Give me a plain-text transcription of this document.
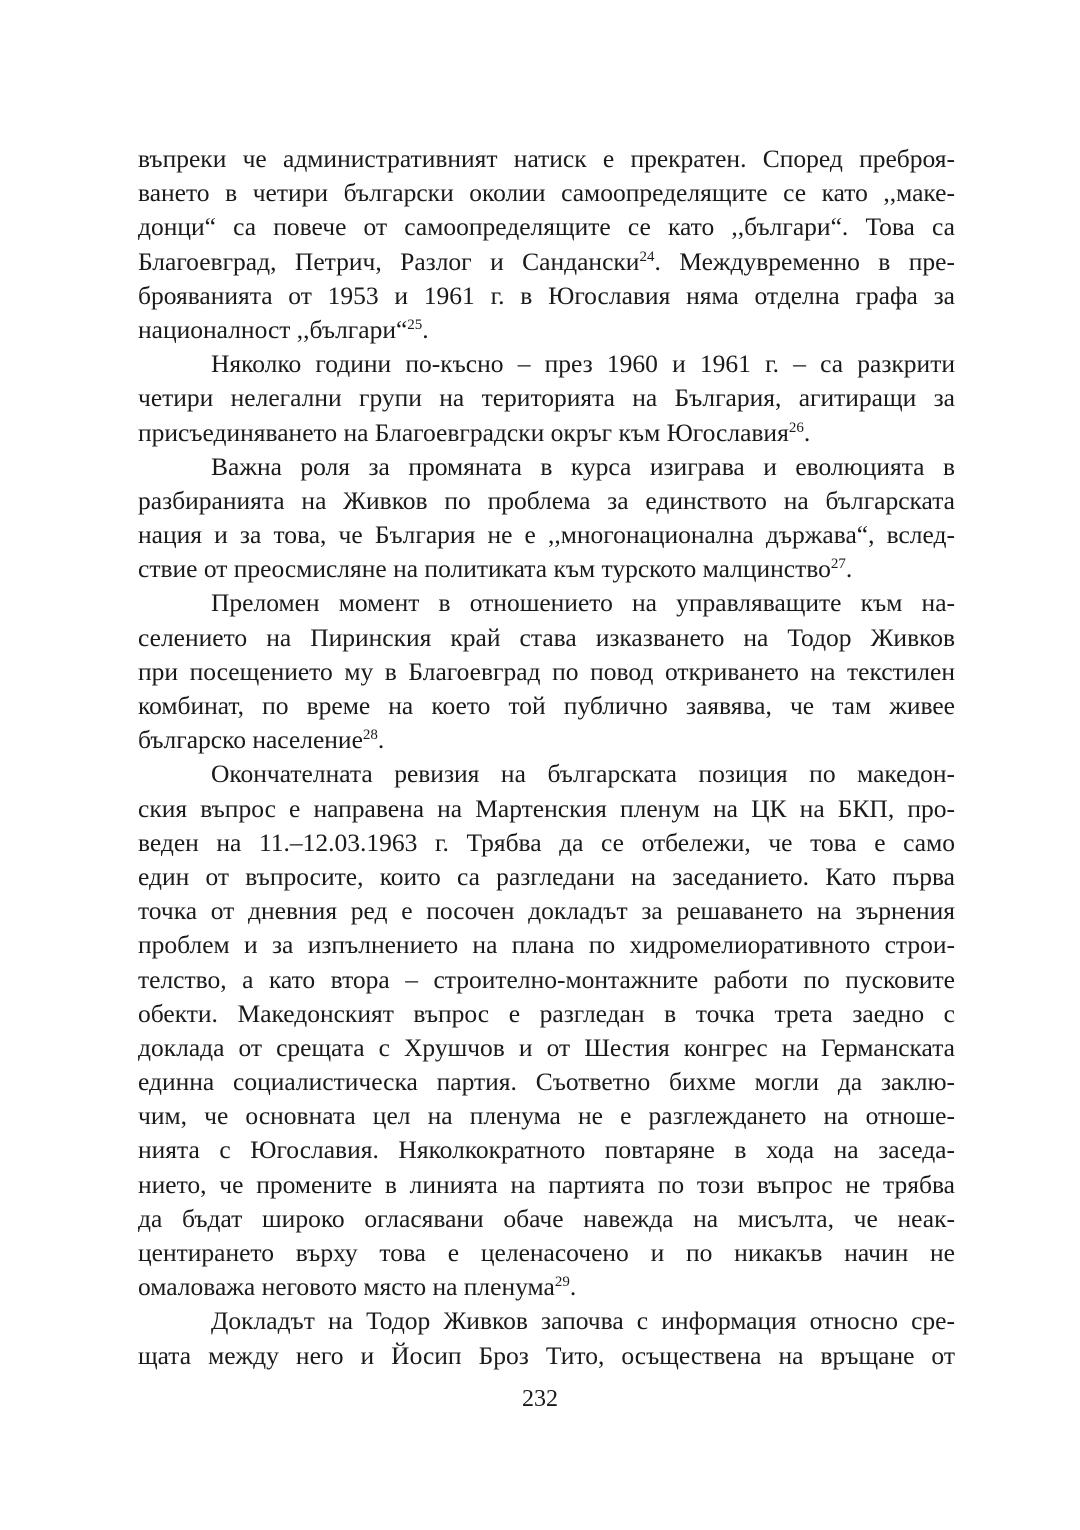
въпреки че административният натиск е прекратен. Според преброя-
ването в четири български околии самоопределящите се като ,,маке-
донци“ са повече от самоопределящите се като ,,българи“. Това са
Благоевград, Петрич, Разлог и Сандански$^{24}$. Междувременно в пре-
брояванията от 1953 и 1961 г. в Югославия няма отделна графа за
националност ,,българи“$^{25}$.
Няколко години по-късно – през 1960 и 1961 г. – са разкрити
четири нелегални групи на територията на България, агитиращи за
присъединяването на Благоевградски окръг към Югославия$^{26}$.
Важна роля за промяната в курса изиграва и еволюцията в
разбиранията на Живков по проблема за единството на българската
нация и за това, че България не е ,,многонационална държава“, вслед-
ствие от преосмисляне на политиката към турското малцинство$^{27}$.
Преломен момент в отношението на управляващите към на-
селението на Пиринския край става изказването на Тодор Живков
при посещението му в Благоевград по повод откриването на текстилен
комбинат, по време на което той публично заявява, че там живее
българско население$^{28}$.
Окончателната ревизия на българската позиция по македон-
ския въпрос е направена на Мартенския пленум на ЦК на БКП, про-
веден на 11.–12.03.1963 г. Трябва да се отбележи, че това е само
един от въпросите, които са разгледани на заседанието. Като първа
точка от дневния ред е посочен докладът за решаването на зърнения
проблем и за изпълнението на плана по хидромелиоративното строи-
телство, а като втора – строително-монтажните работи по пусковите
обекти. Македонският въпрос е разгледан в точка трета заедно с
доклада от срещата с Хрушчов и от Шестия конгрес на Германската
единна социалистическа партия. Съответно бихме могли да заклю-
чим, че основната цел на пленума не е разглеждането на отноше-
нията с Югославия. Няколкократното повтаряне в хода на заседа-
нието, че промените в линията на партията по този въпрос не трябва
да бъдат широко огласявани обаче навежда на мисълта, че неак-
центирането върху това е целенасочено и по никакъв начин не
омаловажа неговото място на пленума$^{29}$.
Докладът на Тодор Живков започва с информация относно сре-
щата между него и Йосип Броз Тито, осъществена на връщане от
232
